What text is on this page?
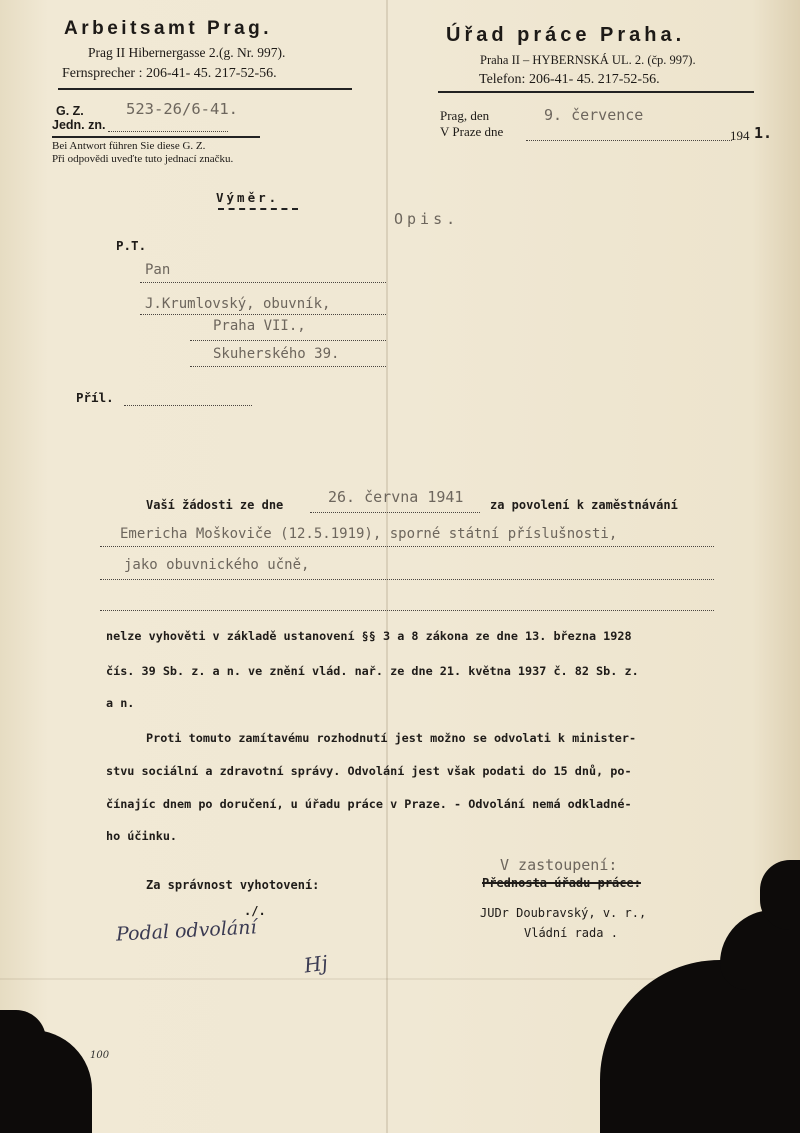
Arbeitsamt Prag.
Prag II Hibernergasse 2.(g. Nr. 997).
Fernsprecher : 206-41- 45. 217-52-56.
Úřad práce Praha.
Praha II – HYBERNSKÁ UL. 2. (čp. 997).
Telefon: 206-41- 45. 217-52-56.
G. Z.	523-26/6-41.
Jedn. zn.
Bei Antwort führen Sie diese G. Z.
Při odpovědi uveďte tuto jednací značku.
Prag, den	9. července
V Praze dne	194 1.
Výměr.
Opis.
P.T.
Pan
J.Krumlovský, obuvník,
Praha VII.,
Skuherského 39.
Příl.
Vaší žádosti ze dne	26. června 1941 za povolení k zaměstnávání
Emericha Moškoviče (12.5.1919), sporné státní příslušnosti,
jako obuvnického učně,
nelze vyhověti v základě ustanovení §§ 3 a 8 zákona ze dne 13. března 1928
čís. 39 Sb. z. a n. ve znění vlád. nař. ze dne 21. května 1937 č. 82 Sb. z.
a n.
Proti tomuto zamítavému rozhodnutí jest možno se odvolati k minister-
stvu sociální a zdravotní správy. Odvolání jest však podati do 15 dnů, po-
čínajíc dnem po doručení, u úřadu práce v Praze. - Odvolání nemá odkladné-
ho účinku.
Za správnost vyhotovení:
./.
Podal odvolání
Hj
V zastoupení:
Přednosta úřadu práce:
JUDr Doubravský, v. r.,
Vládní rada .
100
